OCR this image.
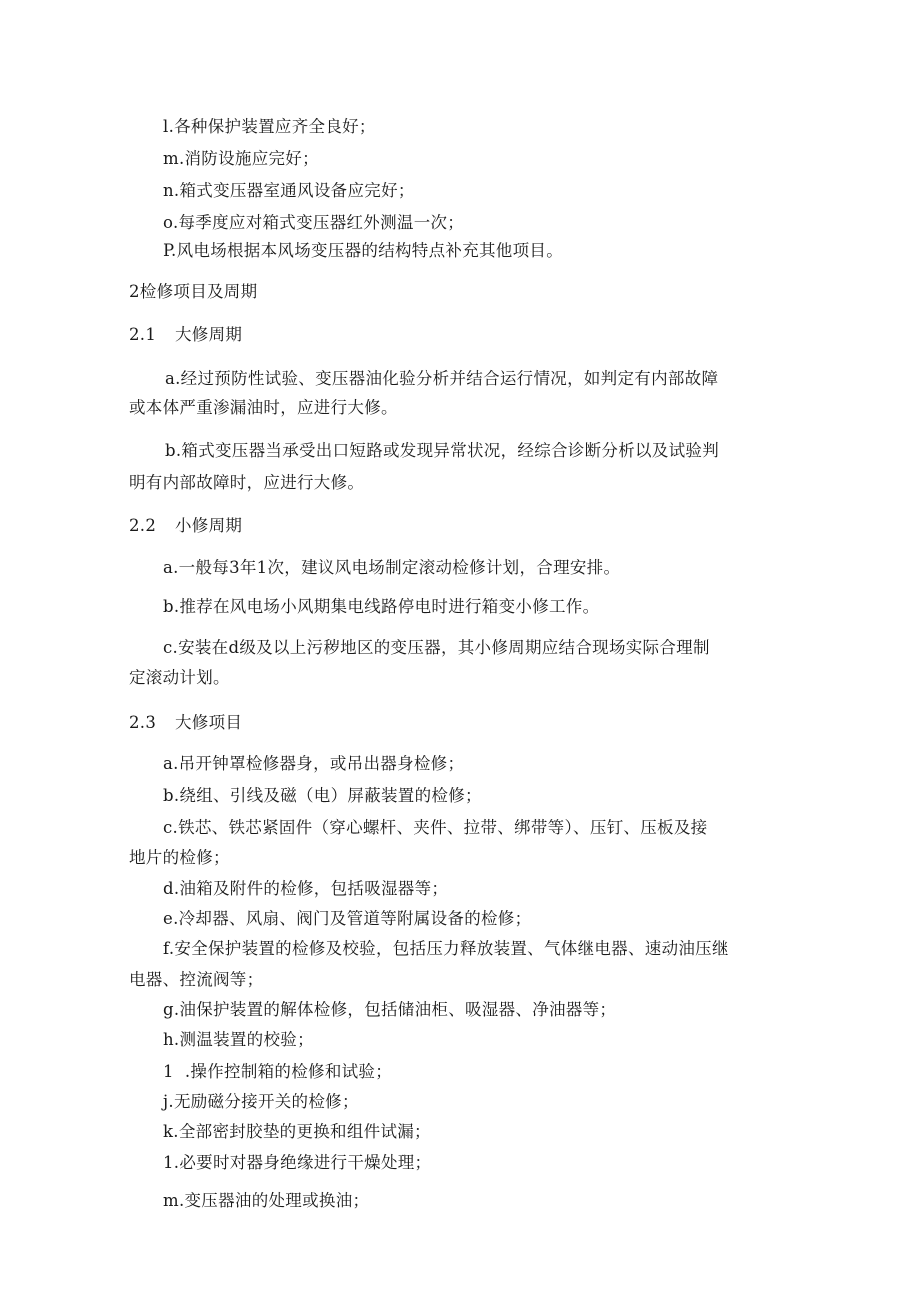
l.各种保护装置应齐全良好；
m.消防设施应完好；
n.箱式变压器室通风设备应完好；
o.每季度应对箱式变压器红外测温一次；
P.风电场根据本风场变压器的结构特点补充其他项目。
2检修项目及周期
2.1 大修周期
a.经过预防性试验、变压器油化验分析并结合运行情况，如判定有内部故障
或本体严重渗漏油时，应进行大修。
b.箱式变压器当承受出口短路或发现异常状况，经综合诊断分析以及试验判
明有内部故障时，应进行大修。
2.2 小修周期
a.一般每3年1次，建议风电场制定滚动检修计划，合理安排。
b.推荐在风电场小风期集电线路停电时进行箱变小修工作。
c.安装在d级及以上污秽地区的变压器，其小修周期应结合现场实际合理制
定滚动计划。
2.3 大修项目
a.吊开钟罩检修器身，或吊出器身检修；
b.绕组、引线及磁（电）屏蔽装置的检修；
c.铁芯、铁芯紧固件（穿心螺杆、夹件、拉带、绑带等）、压钉、压板及接
地片的检修；
d.油箱及附件的检修，包括吸湿器等；
e.冷却器、风扇、阀门及管道等附属设备的检修；
f.安全保护装置的检修及校验，包括压力释放装置、气体继电器、速动油压继
电器、控流阀等；
g.油保护装置的解体检修，包括储油柜、吸湿器、净油器等；
h.测温装置的校验；
1  .操作控制箱的检修和试验；
j.无励磁分接开关的检修；
k.全部密封胶垫的更换和组件试漏；
1.必要时对器身绝缘进行干燥处理；
m.变压器油的处理或换油；
